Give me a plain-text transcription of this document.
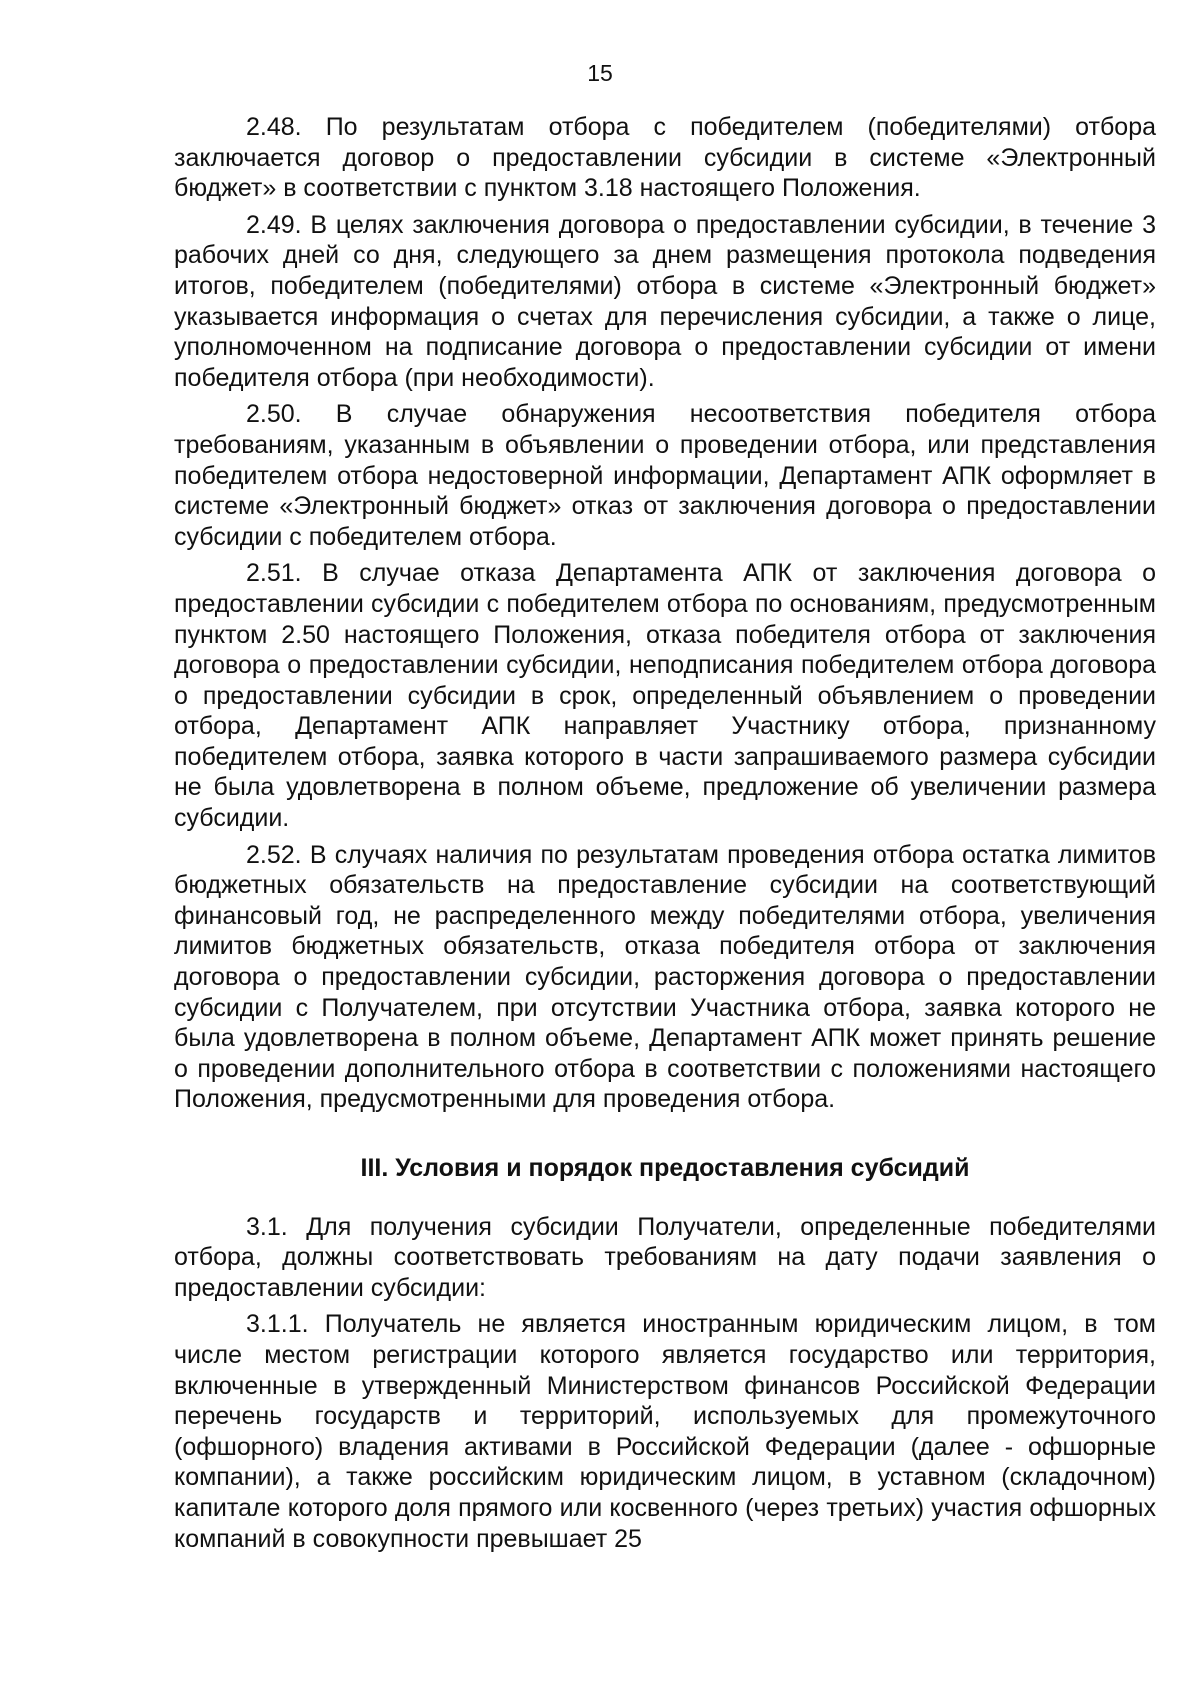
15

2.48. По результатам отбора с победителем (победителями) отбора заключается договор о предоставлении субсидии в системе «Электронный бюджет» в соответствии с пунктом 3.18 настоящего Положения.

2.49. В целях заключения договора о предоставлении субсидии, в течение 3 рабочих дней со дня, следующего за днем размещения протокола подведения итогов, победителем (победителями) отбора в системе «Электронный бюджет» указывается информация о счетах для перечисления субсидии, а также о лице, уполномоченном на подписание договора о предоставлении субсидии от имени победителя отбора (при необходимости).

2.50. В случае обнаружения несоответствия победителя отбора требованиям, указанным в объявлении о проведении отбора, или представления победителем отбора недостоверной информации, Департамент АПК оформляет в системе «Электронный бюджет» отказ от заключения договора о предоставлении субсидии с победителем отбора.

2.51. В случае отказа Департамента АПК от заключения договора о предоставлении субсидии с победителем отбора по основаниям, предусмотренным пунктом 2.50 настоящего Положения, отказа победителя отбора от заключения договора о предоставлении субсидии, неподписания победителем отбора договора о предоставлении субсидии в срок, определенный объявлением о проведении отбора, Департамент АПК направляет Участнику отбора, признанному победителем отбора, заявка которого в части запрашиваемого размера субсидии не была удовлетворена в полном объеме, предложение об увеличении размера субсидии.

2.52. В случаях наличия по результатам проведения отбора остатка лимитов бюджетных обязательств на предоставление субсидии на соответствующий финансовый год, не распределенного между победителями отбора, увеличения лимитов бюджетных обязательств, отказа победителя отбора от заключения договора о предоставлении субсидии, расторжения договора о предоставлении субсидии с Получателем, при отсутствии Участника отбора, заявка которого не была удовлетворена в полном объеме, Департамент АПК может принять решение о проведении дополнительного отбора в соответствии с положениями настоящего Положения, предусмотренными для проведения отбора.

III. Условия и порядок предоставления субсидий

3.1. Для получения субсидии Получатели, определенные победителями отбора, должны соответствовать требованиям на дату подачи заявления о предоставлении субсидии:

3.1.1. Получатель не является иностранным юридическим лицом, в том числе местом регистрации которого является государство или территория, включенные в утвержденный Министерством финансов Российской Федерации перечень государств и территорий, используемых для промежуточного (офшорного) владения активами в Российской Федерации (далее - офшорные компании), а также российским юридическим лицом, в уставном (складочном) капитале которого доля прямого или косвенного (через третьих) участия офшорных компаний в совокупности превышает 25
